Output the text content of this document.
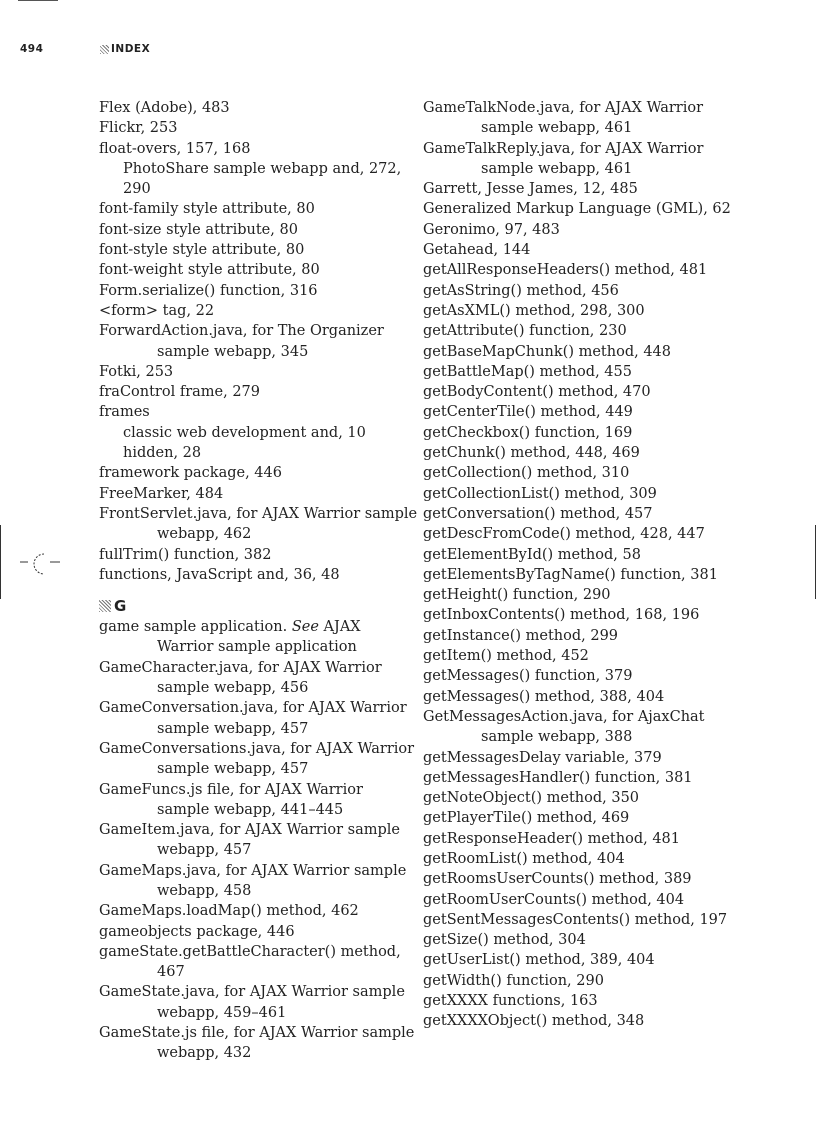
494	INDEX
Flex (Adobe), 483
Flickr, 253
float-overs, 157, 168
PhotoShare sample webapp and, 272,
290
font-family style attribute, 80
font-size style attribute, 80
font-style style attribute, 80
font-weight style attribute, 80
Form.serialize() function, 316
<form> tag, 22
ForwardAction.java, for The Organizer
sample webapp, 345
Fotki, 253
fraControl frame, 279
frames
classic web development and, 10
hidden, 28
framework package, 446
FreeMarker, 484
FrontServlet.java, for AJAX Warrior sample
webapp, 462
fullTrim() function, 382
functions, JavaScript and, 36, 48
G
game sample application. See AJAX
Warrior sample application
GameCharacter.java, for AJAX Warrior
sample webapp, 456
GameConversation.java, for AJAX Warrior
sample webapp, 457
GameConversations.java, for AJAX Warrior
sample webapp, 457
GameFuncs.js file, for AJAX Warrior
sample webapp, 441–445
GameItem.java, for AJAX Warrior sample
webapp, 457
GameMaps.java, for AJAX Warrior sample
webapp, 458
GameMaps.loadMap() method, 462
gameobjects package, 446
gameState.getBattleCharacter() method,
467
GameState.java, for AJAX Warrior sample
webapp, 459–461
GameState.js file, for AJAX Warrior sample
webapp, 432
GameTalkNode.java, for AJAX Warrior
sample webapp, 461
GameTalkReply.java, for AJAX Warrior
sample webapp, 461
Garrett, Jesse James, 12, 485
Generalized Markup Language (GML), 62
Geronimo, 97, 483
Getahead, 144
getAllResponseHeaders() method, 481
getAsString() method, 456
getAsXML() method, 298, 300
getAttribute() function, 230
getBaseMapChunk() method, 448
getBattleMap() method, 455
getBodyContent() method, 470
getCenterTile() method, 449
getCheckbox() function, 169
getChunk() method, 448, 469
getCollection() method, 310
getCollectionList() method, 309
getConversation() method, 457
getDescFromCode() method, 428, 447
getElementById() method, 58
getElementsByTagName() function, 381
getHeight() function, 290
getInboxContents() method, 168, 196
getInstance() method, 299
getItem() method, 452
getMessages() function, 379
getMessages() method, 388, 404
GetMessagesAction.java, for AjaxChat
sample webapp, 388
getMessagesDelay variable, 379
getMessagesHandler() function, 381
getNoteObject() method, 350
getPlayerTile() method, 469
getResponseHeader() method, 481
getRoomList() method, 404
getRoomsUserCounts() method, 389
getRoomUserCounts() method, 404
getSentMessagesContents() method, 197
getSize() method, 304
getUserList() method, 389, 404
getWidth() function, 290
getXXXX functions, 163
getXXXXObject() method, 348
